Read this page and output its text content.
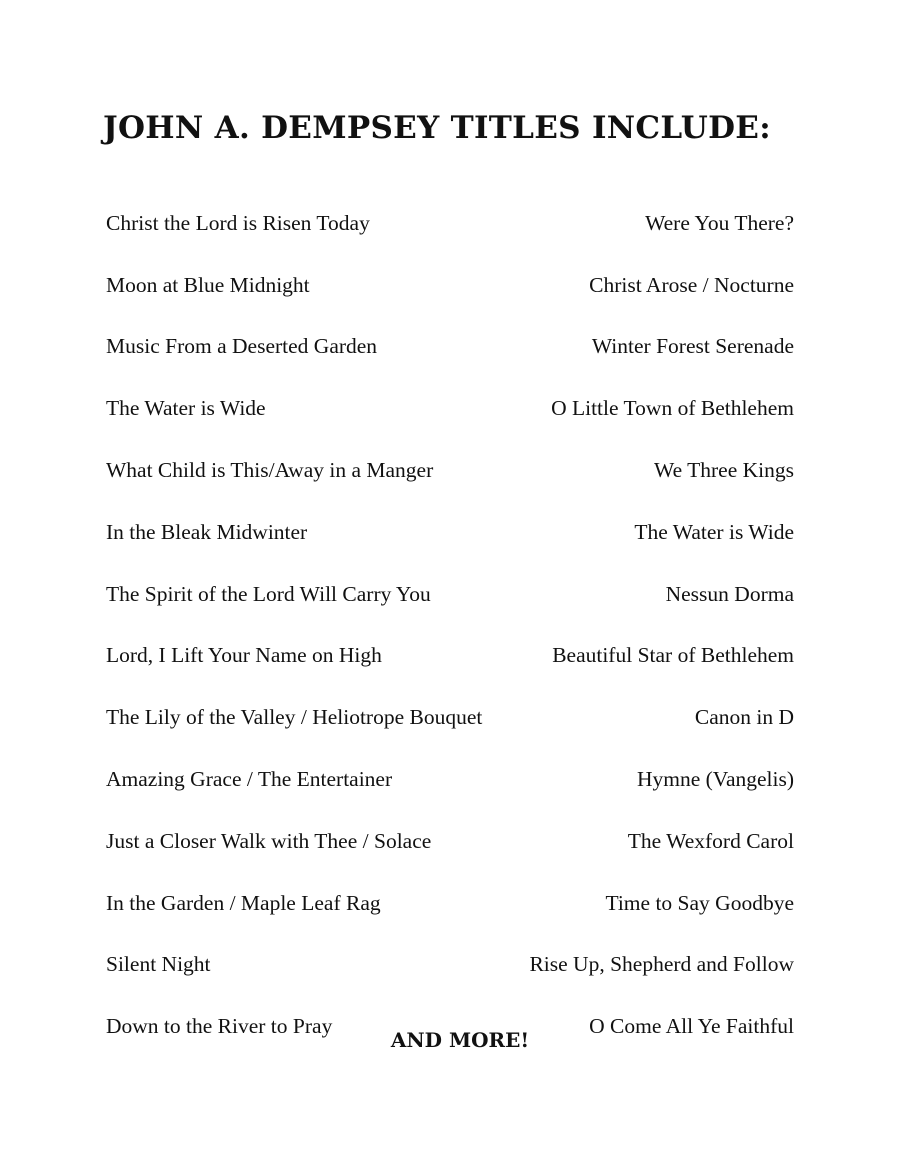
JOHN A. DEMPSEY TITLES INCLUDE:
Christ the Lord is Risen Today	Were You There?
Moon at Blue Midnight	Christ Arose / Nocturne
Music From a Deserted Garden	Winter Forest Serenade
The Water is Wide	O Little Town of Bethlehem
What Child is This/Away in a Manger	We Three Kings
In the Bleak Midwinter	The Water is Wide
The Spirit of the Lord Will Carry You	Nessun Dorma
Lord, I Lift Your Name on High	Beautiful Star of Bethlehem
The Lily of the Valley / Heliotrope Bouquet	Canon in D
Amazing Grace / The Entertainer	Hymne (Vangelis)
Just a Closer Walk with Thee / Solace	The Wexford Carol
In the Garden / Maple Leaf Rag	Time to Say Goodbye
Silent Night	Rise Up, Shepherd and Follow
Down to the River to Pray	O Come All Ye Faithful

AND MORE!
